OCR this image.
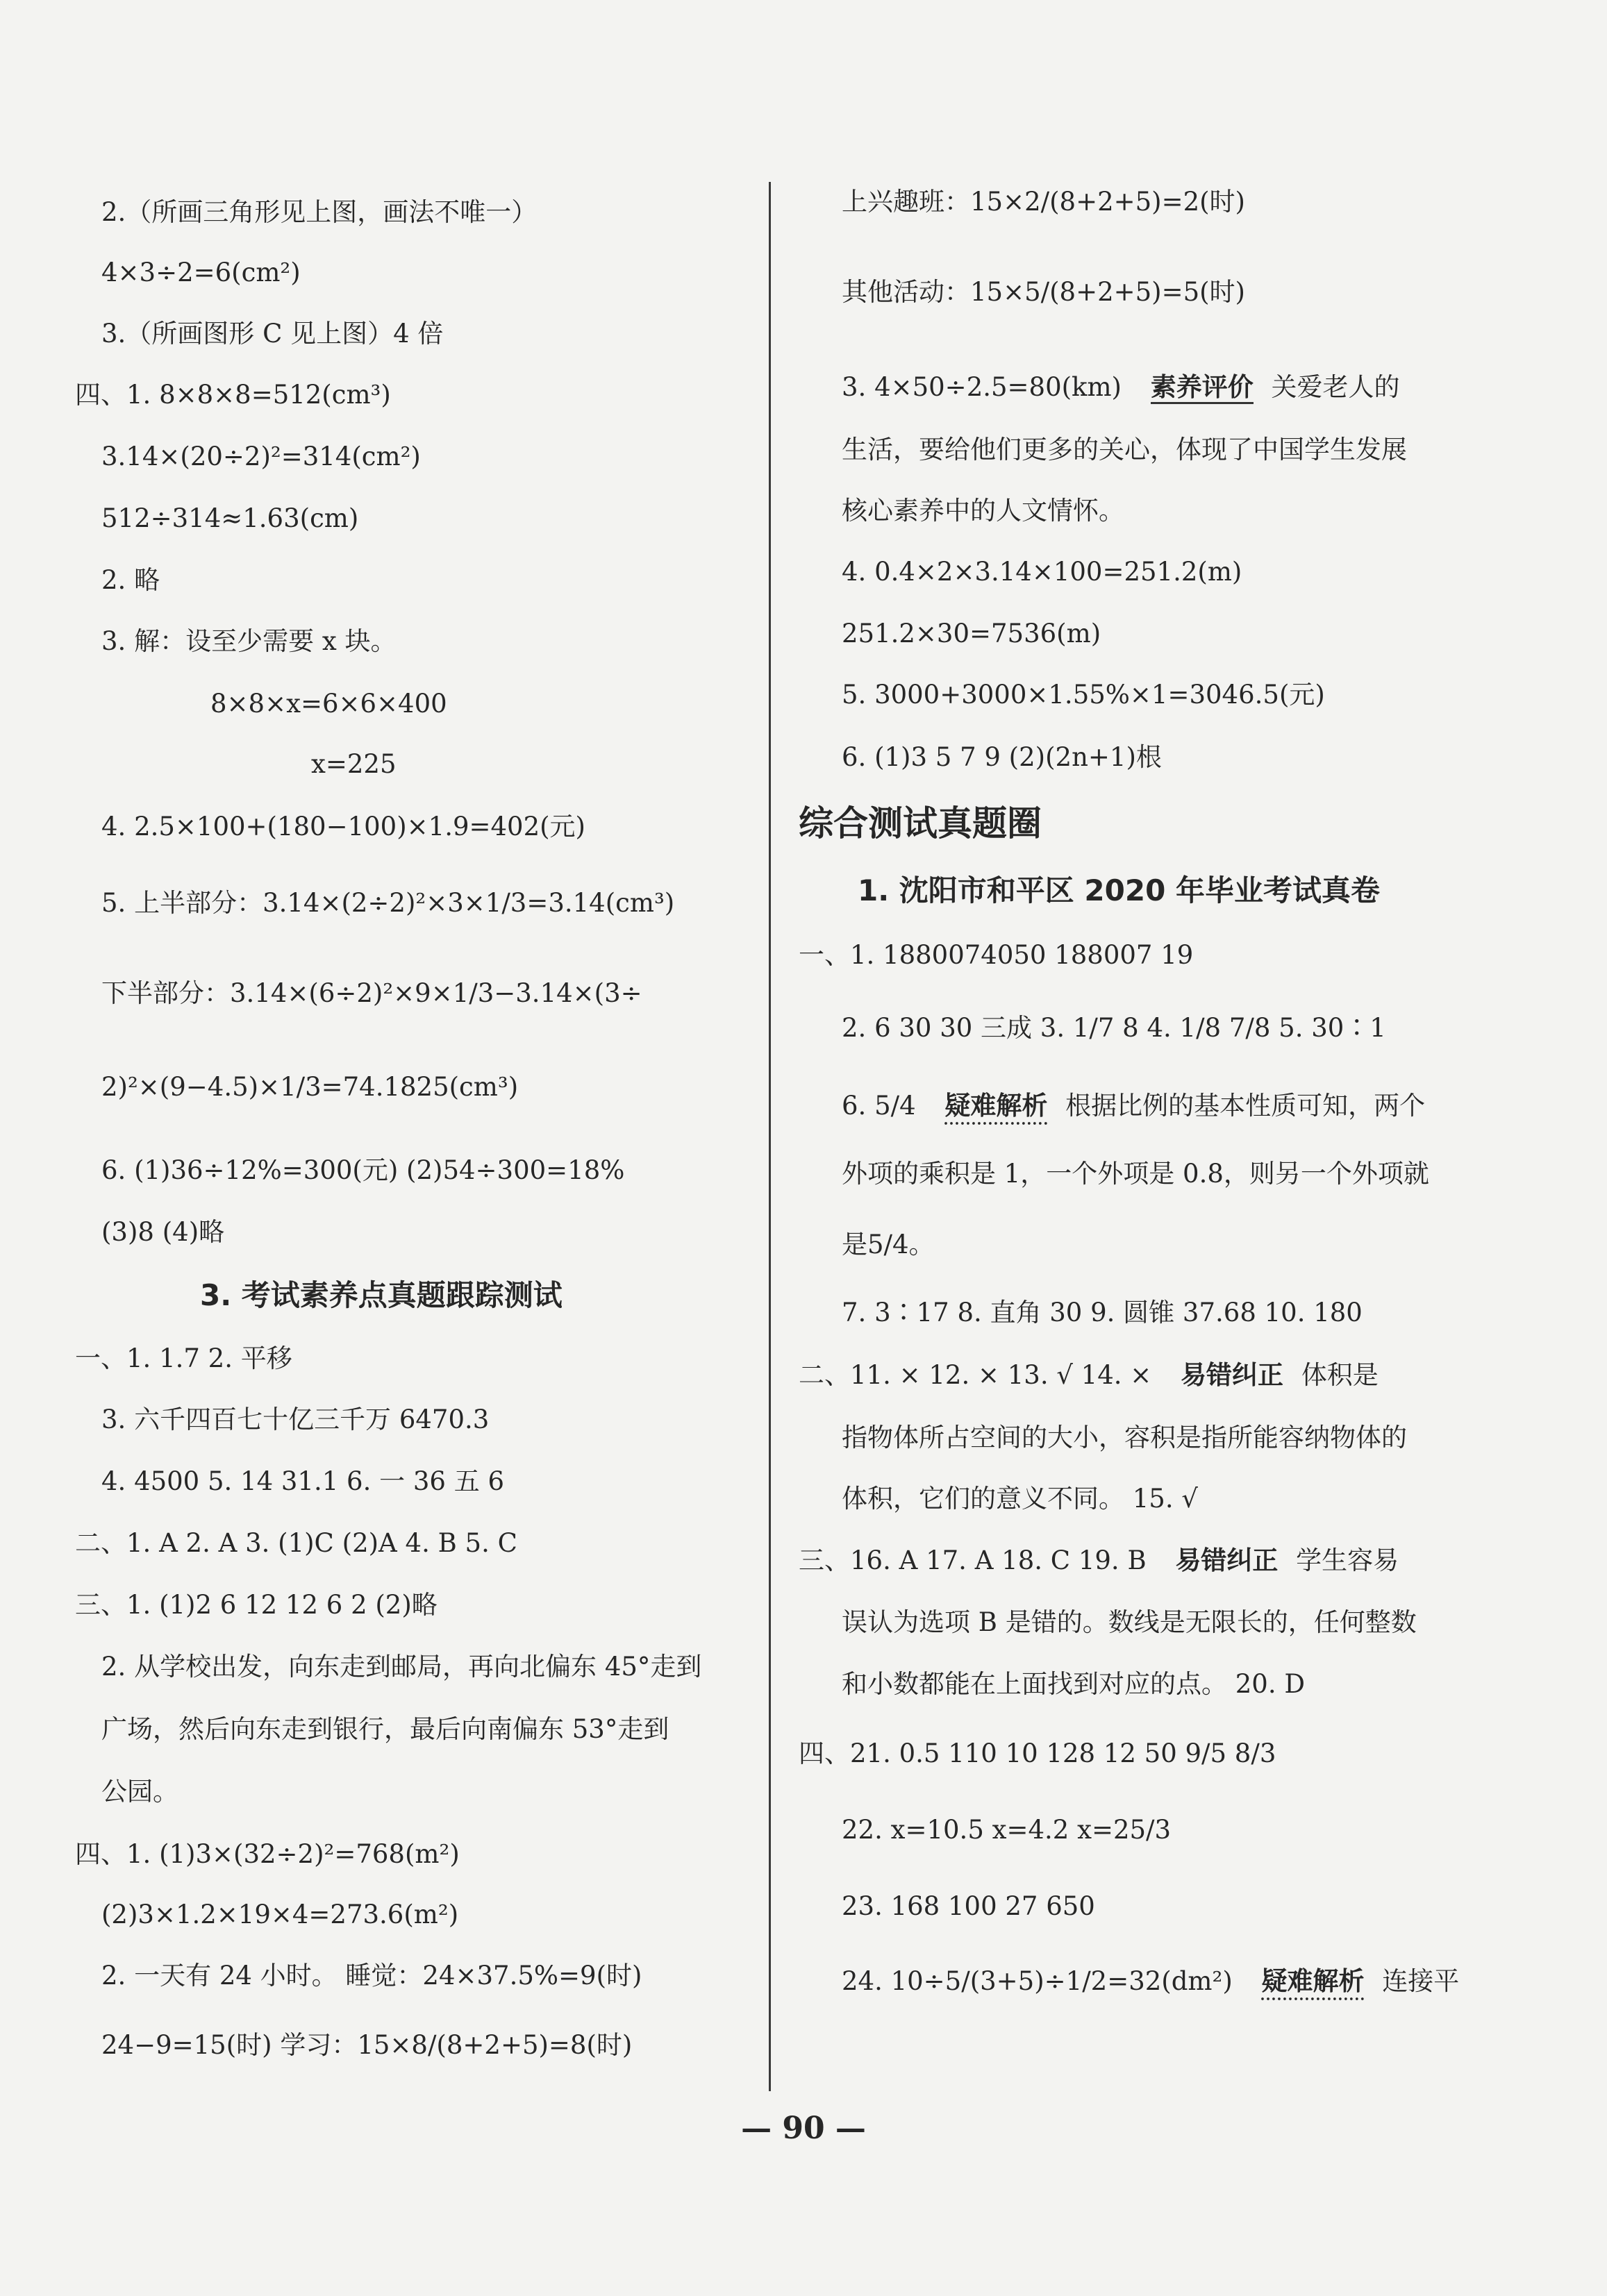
2.（所画三角形见上图，画法不唯一）
4×3÷2=6(cm²)
3.（所画图形 C 见上图）4 倍
四、1. 8×8×8=512(cm³)
3.14×(20÷2)²=314(cm²)
512÷314≈1.63(cm)
2. 略
3. 解：设至少需要 x 块。
8×8×x=6×6×400
x=225
4. 2.5×100+(180−100)×1.9=402(元)
5. 上半部分：3.14×(2÷2)²×3×1/3=3.14(cm³)
下半部分：3.14×(6÷2)²×9×1/3−3.14×(3÷
2)²×(9−4.5)×1/3=74.1825(cm³)
6. (1)36÷12%=300(元) (2)54÷300=18%
(3)8 (4)略
3. 考试素养点真题跟踪测试
一、1. 1.7 2. 平移
3. 六千四百七十亿三千万 6470.3
4. 4500 5. 14 31.1 6. 一 36 五 6
二、1. A 2. A 3. (1)C (2)A 4. B 5. C
三、1. (1)2 6 12 12 6 2 (2)略
2. 从学校出发，向东走到邮局，再向北偏东 45°走到
广场，然后向东走到银行，最后向南偏东 53°走到
公园。
四、1. (1)3×(32÷2)²=768(m²)
(2)3×1.2×19×4=273.6(m²)
2. 一天有 24 小时。 睡觉：24×37.5%=9(时)
24−9=15(时) 学习：15×8/(8+2+5)=8(时)
上兴趣班：15×2/(8+2+5)=2(时)
其他活动：15×5/(8+2+5)=5(时)
3. 4×50÷2.5=80(km) 素养评价 关爱老人的
生活，要给他们更多的关心，体现了中国学生发展
核心素养中的人文情怀。
4. 0.4×2×3.14×100=251.2(m)
251.2×30=7536(m)
5. 3000+3000×1.55%×1=3046.5(元)
6. (1)3 5 7 9 (2)(2n+1)根
综合测试真题圈
1. 沈阳市和平区 2020 年毕业考试真卷
一、1. 1880074050 188007 19
2. 6 30 30 三成 3. 1/7 8 4. 1/8 7/8 5. 30∶1
6. 5/4 疑难解析 根据比例的基本性质可知，两个
外项的乘积是 1，一个外项是 0.8，则另一个外项就
是5/4。
7. 3∶17 8. 直角 30 9. 圆锥 37.68 10. 180
二、11. × 12. × 13. √ 14. × 易错纠正 体积是
指物体所占空间的大小，容积是指所能容纳物体的
体积，它们的意义不同。 15. √
三、16. A 17. A 18. C 19. B 易错纠正 学生容易
误认为选项 B 是错的。数线是无限长的，任何整数
和小数都能在上面找到对应的点。 20. D
四、21. 0.5 110 10 128 12 50 9/5 8/3
22. x=10.5 x=4.2 x=25/3
23. 168 100 27 650
24. 10÷5/(3+5)÷1/2=32(dm²) 疑难解析 连接平
— 90 —
